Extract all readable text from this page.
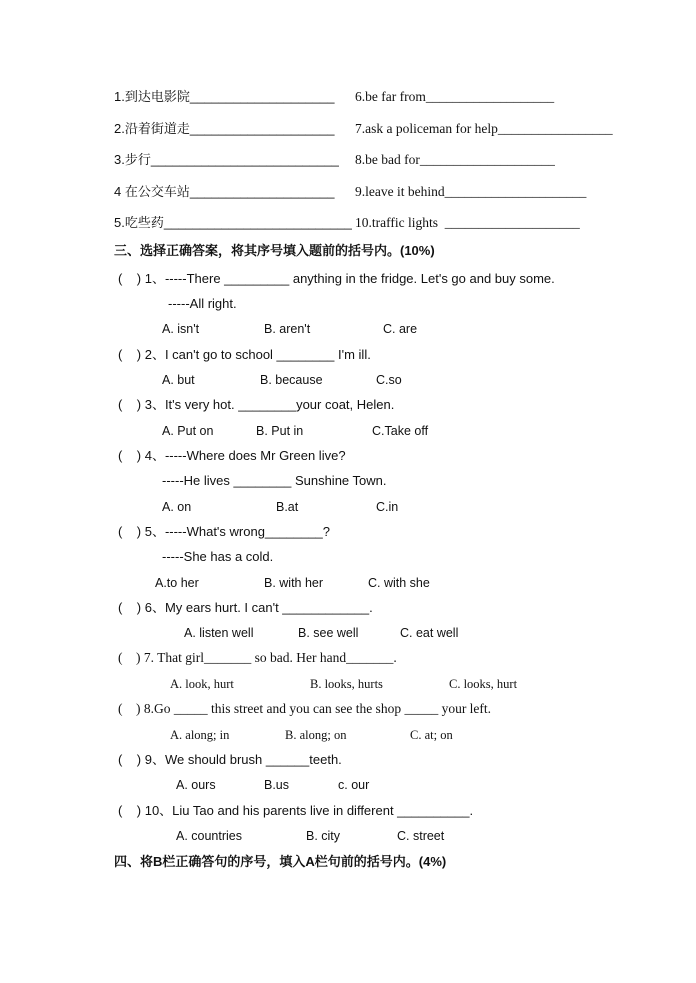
1.到达电影院____________________ 6.be far from___________________
2.沿着街道走____________________ 7.ask a policeman for help_________________
3.步行__________________________ 8.be bad for____________________
4 在公交车站____________________ 9.leave it behind_____________________
5.吃些药__________________________ 10.traffic lights  ____________________
三、选择正确答案，将其序号填入题前的括号内。(10%)
(    ) 1、-----There _________ anything in the fridge. Let's go and buy some.
-----All right.
A. isn't	B. aren't	C. are
(    ) 2、I can't go to school ________ I'm ill.
A. but	B. because	C.so
(    ) 3、It's very hot. ________your coat, Helen.
A. Put on	B. Put in	C.Take off
(    ) 4、-----Where does Mr Green live?
-----He lives ________ Sunshine Town.
A. on	B.at	C.in
(    ) 5、-----What's wrong________?
-----She has a cold.
A.to her	B. with her	C. with she
(    ) 6、My ears hurt. I can't ____________.
A. listen well	B. see well	C. eat well
(    ) 7. That girl_______ so bad. Her hand_______.
A. look, hurt	B. looks, hurts	C. looks, hurt
(    ) 8.Go _____ this street and you can see the shop _____ your left.
A. along; in	B. along; on	C. at; on
(    ) 9、We should brush ______teeth.
A. ours	B.us	c. our
(    ) 10、Liu Tao and his parents live in different __________.
A. countries	B. city	C. street
四、将B栏正确答句的序号，填入A栏句前的括号内。(4%)
